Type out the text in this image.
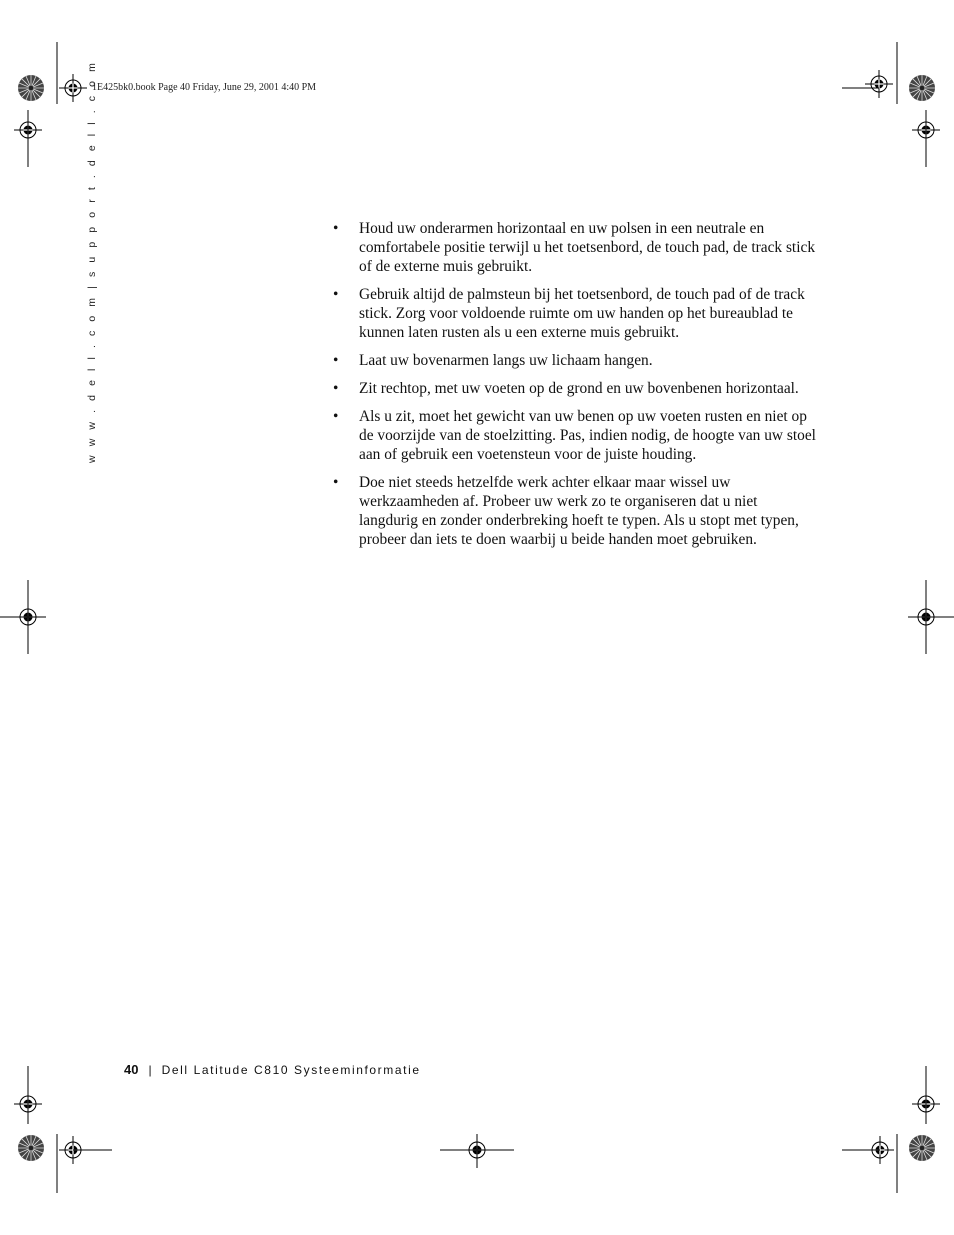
1E425bk0.book Page 40 Friday, June 29, 2001 4:40 PM
w w w . d e l l . c o m | s u p p o r t . d e l l . c o m	• Houd uw onderarmen horizontaal en uw polsen in een neutrale en comfortabele positie terwijl u het toetsenbord, de touch pad, de track stick of de externe muis gebruikt.
• Gebruik altijd de palmsteun bij het toetsenbord, de touch pad of de track stick. Zorg voor voldoende ruimte om uw handen op het bureaublad te kunnen laten rusten als u een externe muis gebruikt.
• Laat uw bovenarmen langs uw lichaam hangen.
• Zit rechtop, met uw voeten op de grond en uw bovenbenen horizontaal.
• Als u zit, moet het gewicht van uw benen op uw voeten rusten en niet op de voorzijde van de stoelzitting. Pas, indien nodig, de hoogte van uw stoel aan of gebruik een voetensteun voor de juiste houding.
• Doe niet steeds hetzelfde werk achter elkaar maar wissel uw werkzaamheden af. Probeer uw werk zo te organiseren dat u niet langdurig en zonder onderbreking hoeft te typen. Als u stopt met typen, probeer dan iets te doen waarbij u beide handen moet gebruiken.
40 | Dell Latitude C810 Systeeminformatie
